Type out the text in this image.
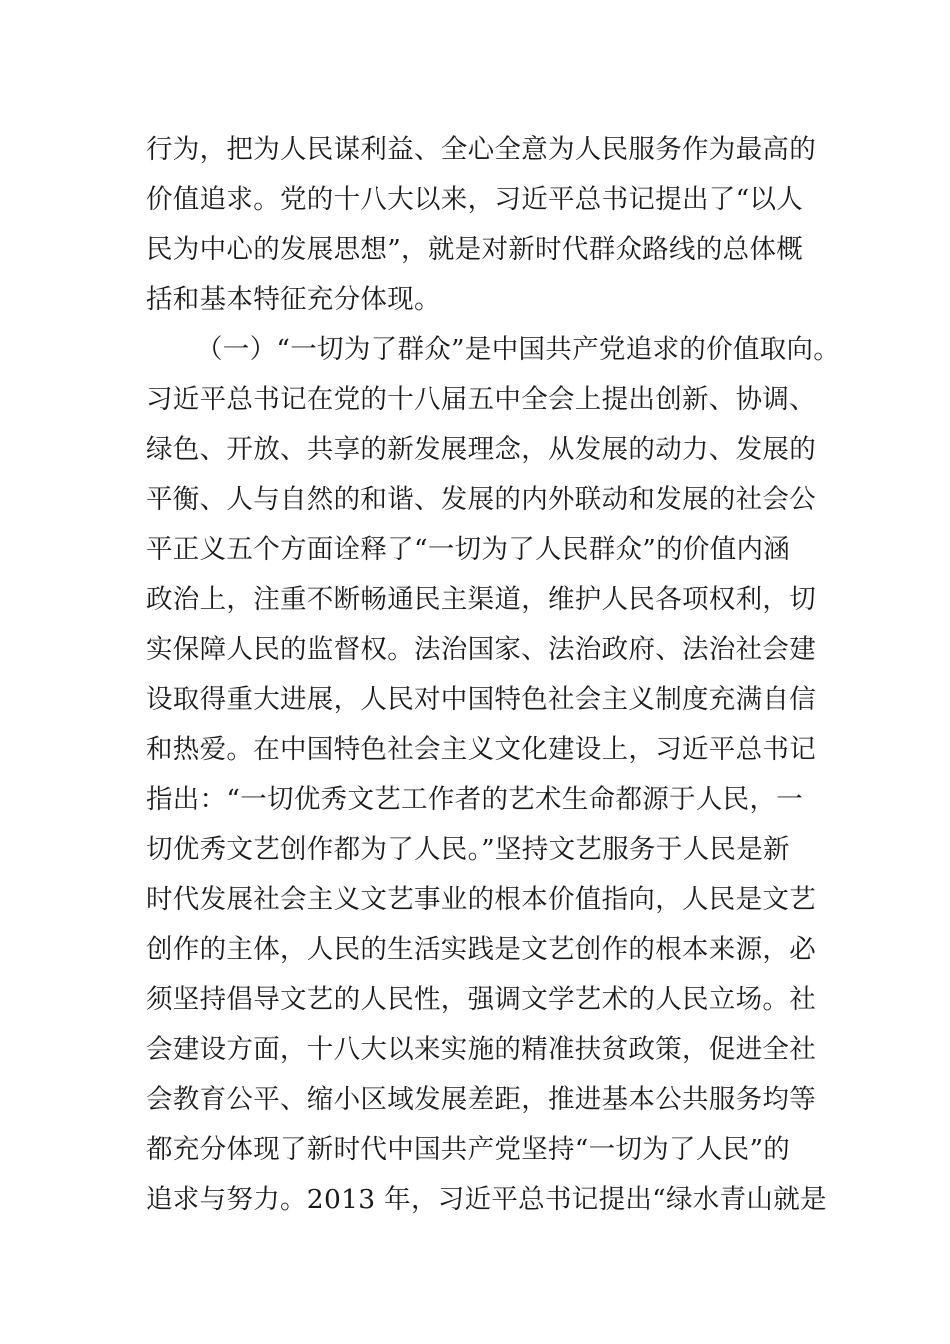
行为，把为人民谋利益、全心全意为人民服务作为最高的
价值追求。党的十八大以来，习近平总书记提出了“以人
民为中心的发展思想”，就是对新时代群众路线的总体概
括和基本特征充分体现。
（一）“一切为了群众”是中国共产党追求的价值取向。
习近平总书记在党的十八届五中全会上提出创新、协调、
绿色、开放、共享的新发展理念，从发展的动力、发展的
平衡、人与自然的和谐、发展的内外联动和发展的社会公
平正义五个方面诠释了“一切为了人民群众”的价值内涵
政治上，注重不断畅通民主渠道，维护人民各项权利，切
实保障人民的监督权。法治国家、法治政府、法治社会建
设取得重大进展，人民对中国特色社会主义制度充满自信
和热爱。在中国特色社会主义文化建设上，习近平总书记
指出：“一切优秀文艺工作者的艺术生命都源于人民，一
切优秀文艺创作都为了人民。”坚持文艺服务于人民是新
时代发展社会主义文艺事业的根本价值指向，人民是文艺
创作的主体，人民的生活实践是文艺创作的根本来源，必
须坚持倡导文艺的人民性，强调文学艺术的人民立场。社
会建设方面，十八大以来实施的精准扶贫政策，促进全社
会教育公平、缩小区域发展差距，推进基本公共服务均等
都充分体现了新时代中国共产党坚持“一切为了人民”的
追求与努力。2013 年，习近平总书记提出“绿水青山就是
